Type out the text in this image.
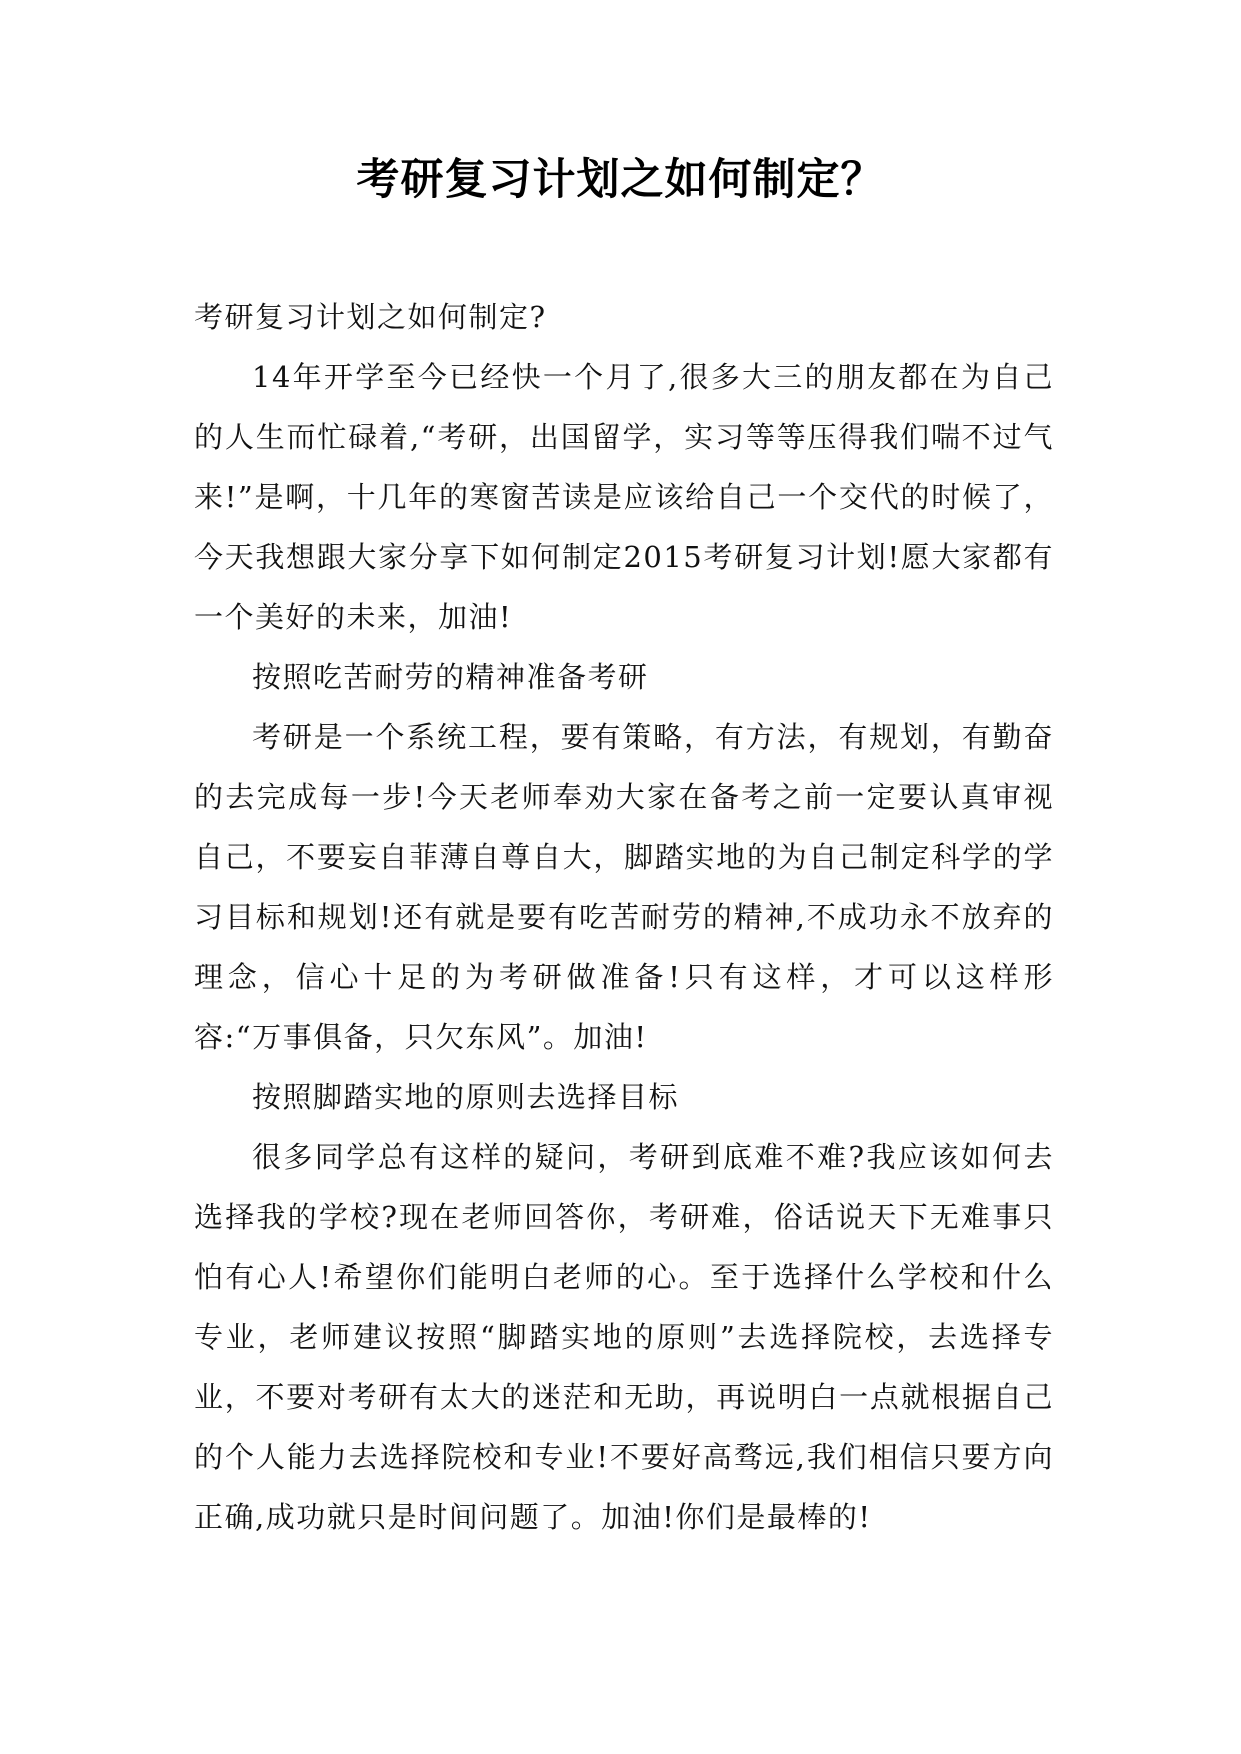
考研复习计划之如何制定？

考研复习计划之如何制定?

14年开学至今已经快一个月了,很多大三的朋友都在为自己的人生而忙碌着,“考研，出国留学，实习等等压得我们喘不过气来!”是啊，十几年的寒窗苦读是应该给自己一个交代的时候了，今天我想跟大家分享下如何制定2015考研复习计划!愿大家都有一个美好的未来，加油!

按照吃苦耐劳的精神准备考研

考研是一个系统工程，要有策略，有方法，有规划，有勤奋的去完成每一步!今天老师奉劝大家在备考之前一定要认真审视自己，不要妄自菲薄自尊自大，脚踏实地的为自己制定科学的学习目标和规划!还有就是要有吃苦耐劳的精神,不成功永不放弃的理念，信心十足的为考研做准备!只有这样，才可以这样形容:“万事俱备，只欠东风”。加油!

按照脚踏实地的原则去选择目标

很多同学总有这样的疑问，考研到底难不难?我应该如何去选择我的学校?现在老师回答你，考研难，俗话说天下无难事只怕有心人!希望你们能明白老师的心。至于选择什么学校和什么专业，老师建议按照“脚踏实地的原则”去选择院校，去选择专业，不要对考研有太大的迷茫和无助，再说明白一点就根据自己的个人能力去选择院校和专业!不要好高骛远,我们相信只要方向正确,成功就只是时间问题了。加油!你们是最棒的!
